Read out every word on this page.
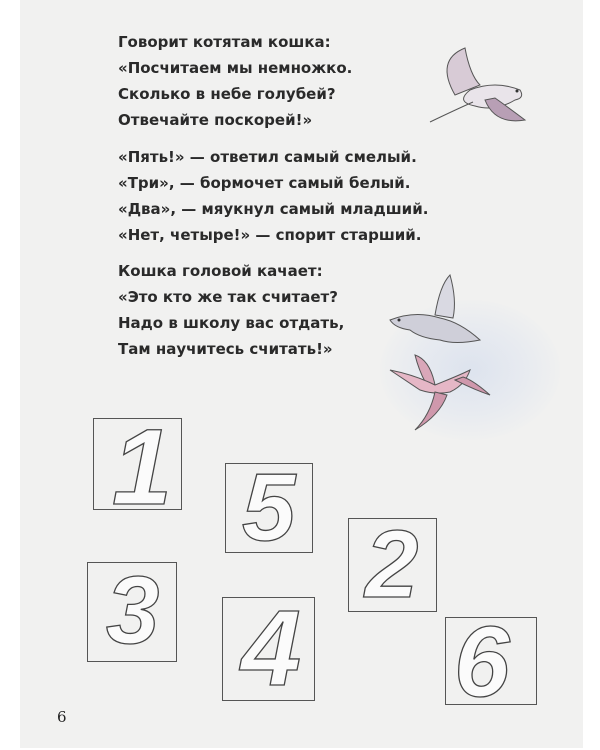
Говорит котятам кошка:
«Посчитаем мы немножко.
Сколько в небе голубей?
Отвечайте поскорей!»
«Пять!» — ответил самый смелый.
«Три», — бормочет самый белый.
«Два», — мяукнул самый младший.
«Нет, четыре!» — спорит старший.
Кошка головой качает:
«Это кто же так считает?
Надо в школу вас отдать,
Там научитесь считать!»
1 5
2
3 4 6
6
